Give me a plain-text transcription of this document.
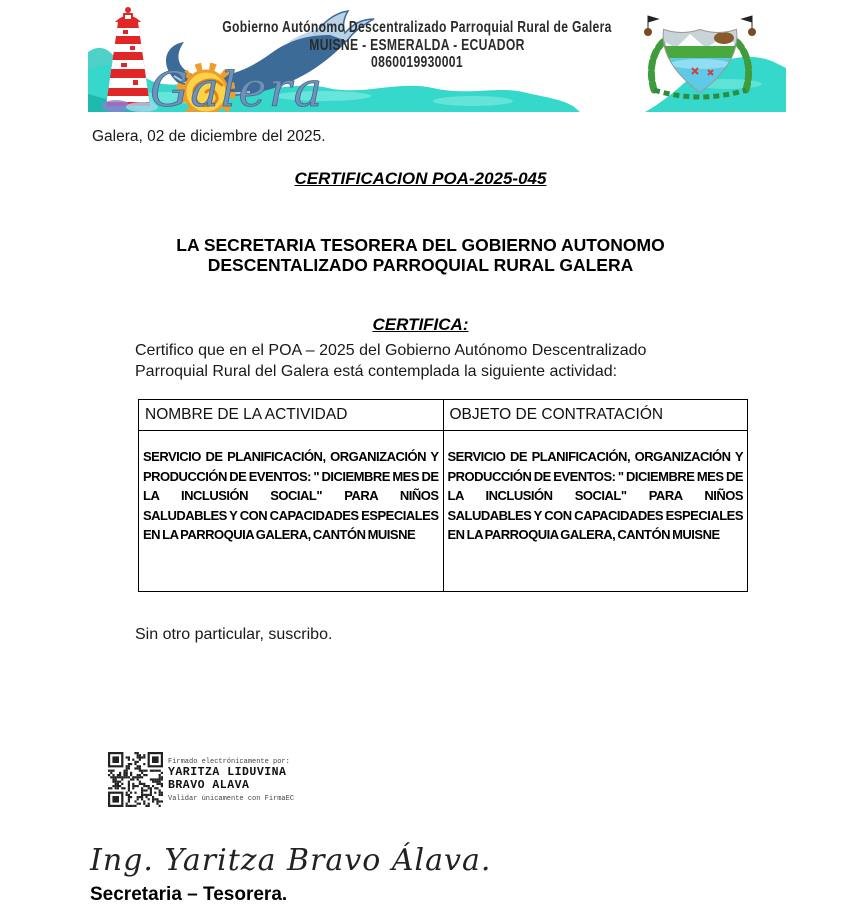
Galera
Gobierno Autónomo Descentralizado Parroquial Rural de Galera
MUISNE - ESMERALDA - ECUADOR
0860019930001
Galera, 02 de diciembre del 2025.
CERTIFICACION POA-2025-045
LA SECRETARIA TESORERA DEL GOBIERNO AUTONOMO DESCENTALIZADO PARROQUIAL RURAL GALERA
CERTIFICA:
Certifico que en el POA – 2025 del Gobierno Autónomo Descentralizado Parroquial Rural del Galera está contemplada la siguiente actividad:
NOMBRE DE LA ACTIVIDAD	OBJETO DE CONTRATACIÓN
SERVICIO DE PLANIFICACIÓN, ORGANIZACIÓN Y PRODUCCIÓN DE EVENTOS: " DICIEMBRE MES DE LA INCLUSIÓN SOCIAL" PARA NIÑOS SALUDABLES Y CON CAPACIDADES ESPECIALES EN LA PARROQUIA GALERA, CANTÓN MUISNE	SERVICIO DE PLANIFICACIÓN, ORGANIZACIÓN Y PRODUCCIÓN DE EVENTOS: " DICIEMBRE MES DE LA INCLUSIÓN SOCIAL" PARA NIÑOS SALUDABLES Y CON CAPACIDADES ESPECIALES EN LA PARROQUIA GALERA, CANTÓN MUISNE
Sin otro particular, suscribo.
Firmado electrónicamente por:
YARITZA LIDUVINA
BRAVO ALAVA
Validar únicamente con FirmaEC
Ing. Yaritza Bravo Álava.
Secretaria – Tesorera.
